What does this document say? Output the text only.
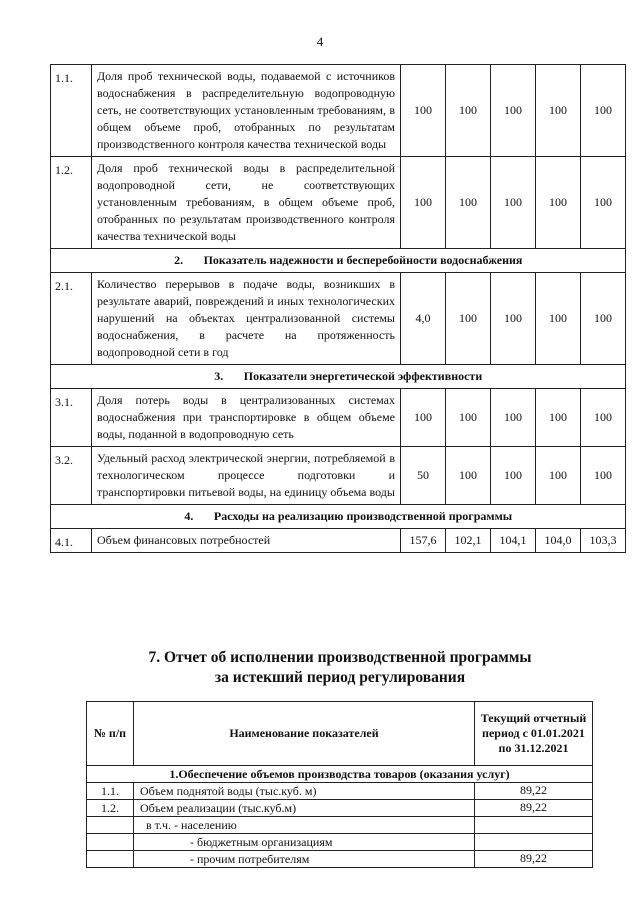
4
1.1.	Доля проб технической воды, подаваемой с источников водоснабжения в распределительную водопроводную сеть, не соответствующих установленным требованиям, в общем объеме проб, отобранных по результатам производственного контроля качества технической воды	100	100	100	100	100
1.2.	Доля проб технической воды в распределительной водопроводной сети, не соответствующих установленным требованиям, в общем объеме проб, отобранных по результатам производственного контроля качества технической воды	100	100	100	100	100
2. Показатель надежности и бесперебойности водоснабжения						
2.1.	Количество перерывов в подаче воды, возникших в результате аварий, повреждений и иных технологических нарушений на объектах централизованной системы водоснабжения, в расчете на протяженность водопроводной сети в год	4,0	100	100	100	100
3. Показатели энергетической эффективности						
3.1.	Доля потерь воды в централизованных системах водоснабжения при транспортировке в общем объеме воды, поданной в водопроводную сеть	100	100	100	100	100
3.2.	Удельный расход электрической энергии, потребляемой в технологическом процессе подготовки и транспортировки питьевой воды, на единицу объема воды	50	100	100	100	100
4. Расходы на реализацию производственной программы						
4.1.	Объем финансовых потребностей	157,6	102,1	104,1	104,0	103,3
7. Отчет об исполнении производственной программы
за истекший период регулирования
№ п/п	Наименование показателей	Текущий отчетный период с 01.01.2021 по 31.12.2021
1.Обеспечение объемов производства товаров (оказания услуг)		
1.1.	Объем поднятой воды (тыс.куб. м)	89,22
1.2.	Объем реализации (тыс.куб.м)	89,22
	в т.ч. - населению	
	- бюджетным организациям	
	- прочим потребителям	89,22
